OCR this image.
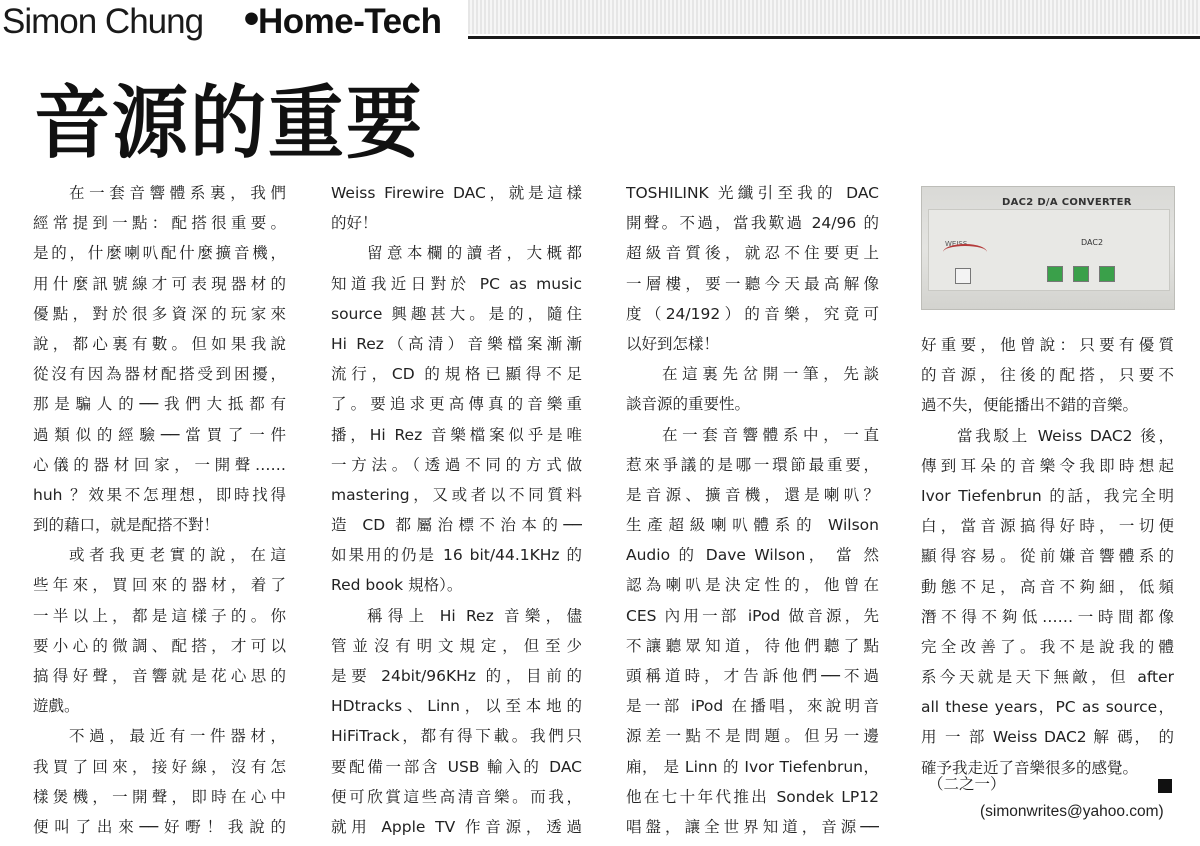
Simon Chung •
Home-Tech
音源的重要
在一套音響體系裏，我們
經常提到一點：配搭很重要。
是的，什麼喇叭配什麼擴音機，
用什麼訊號線才可表現器材的
優點，對於很多資深的玩家來
說，都心裏有數。但如果我說
從沒有因為器材配搭受到困擾，
那是騙人的──我們大抵都有
過類似的經驗──當買了一件
心儀的器材回家，一開聲……
huh ？效果不怎理想，即時找得
到的藉口，就是配搭不對！
或者我更老實的說，在這
些年來，買回來的器材，着了
一半以上，都是這樣子的。你
要小心的微調、配搭，才可以
搞得好聲，音響就是花心思的
遊戲。
不過，最近有一件器材，
我買了回來，接好線，沒有怎
樣煲機，一開聲，即時在心中
便叫了出來──好嘢！我說的
Weiss Firewire DAC，就是這樣
的好！
留意本欄的讀者，大概都
知道我近日對於 PC as music
source 興趣甚大。是的，隨住
Hi Rez（高清）音樂檔案漸漸
流行，CD 的規格已顯得不足
了。要追求更高傳真的音樂重
播，Hi Rez 音樂檔案似乎是唯
一方法。（透過不同的方式做
mastering，又或者以不同質料
造 CD 都屬治標不治本的──
如果用的仍是 16 bit/44.1KHz 的
Red book 規格）。
稱得上 Hi Rez 音樂，儘
管並沒有明文規定，但至少
是要 24bit/96KHz 的，目前的
HDtracks、Linn，以至本地的
HiFiTrack，都有得下載。我們只
要配備一部含 USB 輸入的 DAC
便可欣賞這些高清音樂。而我，
就用 Apple TV 作音源，透過
TOSHILINK 光纖引至我的 DAC
開聲。不過，當我歎過 24/96 的
超級音質後，就忍不住要更上
一層樓，要一聽今天最高解像
度（24/192）的音樂，究竟可
以好到怎樣！
在這裏先岔開一筆，先談
談音源的重要性。
在一套音響體系中，一直
惹來爭議的是哪一環節最重要，
是音源、擴音機，還是喇叭？
生產超級喇叭體系的 Wilson
Audio 的 Dave Wilson， 當 然
認為喇叭是決定性的，他曾在
CES 內用一部 iPod 做音源，先
不讓聽眾知道，待他們聽了點
頭稱道時，才告訴他們──不過
是一部 iPod 在播唱，來說明音
源差一點不是問題。但另一邊
廂， 是 Linn 的 Ivor Tiefenbrun，
他在七十年代推出 Sondek LP12
唱盤，讓全世界知道，音源──
DAC2 D/A CONVERTER
WEISS	DAC2
好重要，他曾說：只要有優質
的音源，往後的配搭，只要不
過不失，便能播出不錯的音樂。
當我駁上 Weiss DAC2 後，
傳到耳朵的音樂令我即時想起
Ivor Tiefenbrun 的話，我完全明
白，當音源搞得好時，一切便
顯得容易。從前嫌音響體系的
動態不足，高音不夠細，低頻
潛不得不夠低……一時間都像
完全改善了。我不是說我的體
系今天就是天下無敵，但 after
all these years，PC as source，
用 一 部 Weiss DAC2 解 碼， 的
確予我走近了音樂很多的感覺。
（二之一）
(simonwrites@yahoo.com)
